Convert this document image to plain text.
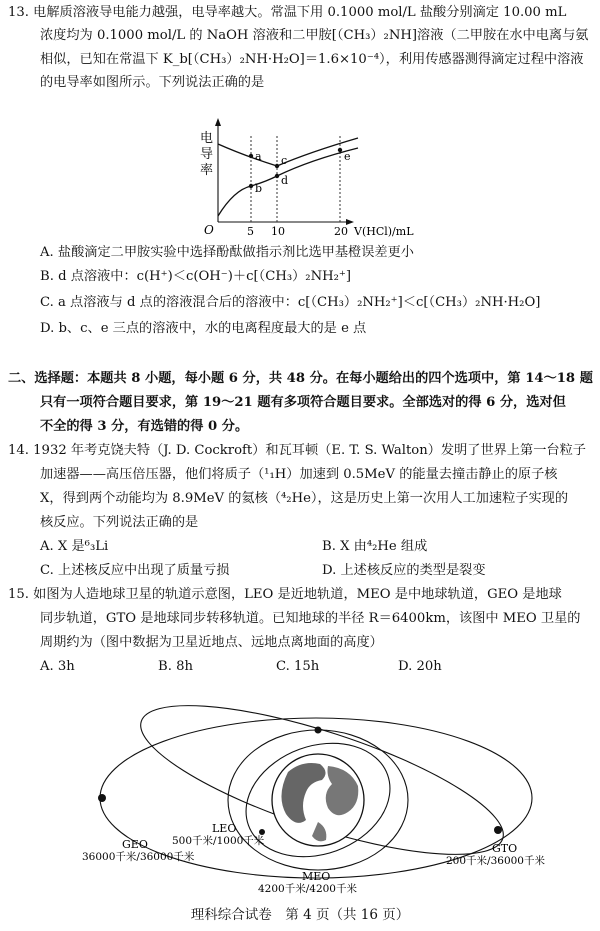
13. 电解质溶液导电能力越强，电导率越大。常温下用 0.1000 mol/L 盐酸分别滴定 10.00 mL
浓度均为 0.1000 mol/L 的 NaOH 溶液和二甲胺[（CH₃）₂NH]溶液（二甲胺在水中电离与氨
相似，已知在常温下 K_b[（CH₃）₂NH·H₂O]＝1.6×10⁻⁴），利用传感器测得滴定过程中溶液
的电导率如图所示。下列说法正确的是
电
导
率
a
b
c
d
e
O	5 10	20 V(HCl)/mL
A. 盐酸滴定二甲胺实验中选择酚酞做指示剂比选甲基橙误差更小
B. d 点溶液中：c(H⁺)＜c(OH⁻)＋c[（CH₃）₂NH₂⁺]
C. a 点溶液与 d 点的溶液混合后的溶液中：c[（CH₃）₂NH₂⁺]＜c[（CH₃）₂NH·H₂O]
D. b、c、e 三点的溶液中，水的电离程度最大的是 e 点
二、选择题：本题共 8 小题，每小题 6 分，共 48 分。在每小题给出的四个选项中，第 14～18 题
只有一项符合题目要求，第 19～21 题有多项符合题目要求。全部选对的得 6 分，选对但
不全的得 3 分，有选错的得 0 分。
14. 1932 年考克饶夫特（J. D. Cockroft）和瓦耳顿（E. T. S. Walton）发明了世界上第一台粒子
加速器——高压倍压器，他们将质子（¹₁H）加速到 0.5MeV 的能量去撞击静止的原子核
X，得到两个动能均为 8.9MeV 的氦核（⁴₂He），这是历史上第一次用人工加速粒子实现的
核反应。下列说法正确的是
A. X 是⁶₃Li	B. X 由⁴₂He 组成
C. 上述核反应中出现了质量亏损	D. 上述核反应的类型是裂变
15. 如图为人造地球卫星的轨道示意图，LEO 是近地轨道，MEO 是中地球轨道，GEO 是地球
同步轨道，GTO 是地球同步转移轨道。已知地球的半径 R＝6400km，该图中 MEO 卫星的
周期约为（图中数据为卫星近地点、远地点离地面的高度）
A. 3h	B. 8h	C. 15h	D. 20h
GEO
36000千米/36000千米
LEO
500千米/1000千米
MEO
4200千米/4200千米
GTO
200千米/36000千米
理科综合试卷　第 4 页（共 16 页）
